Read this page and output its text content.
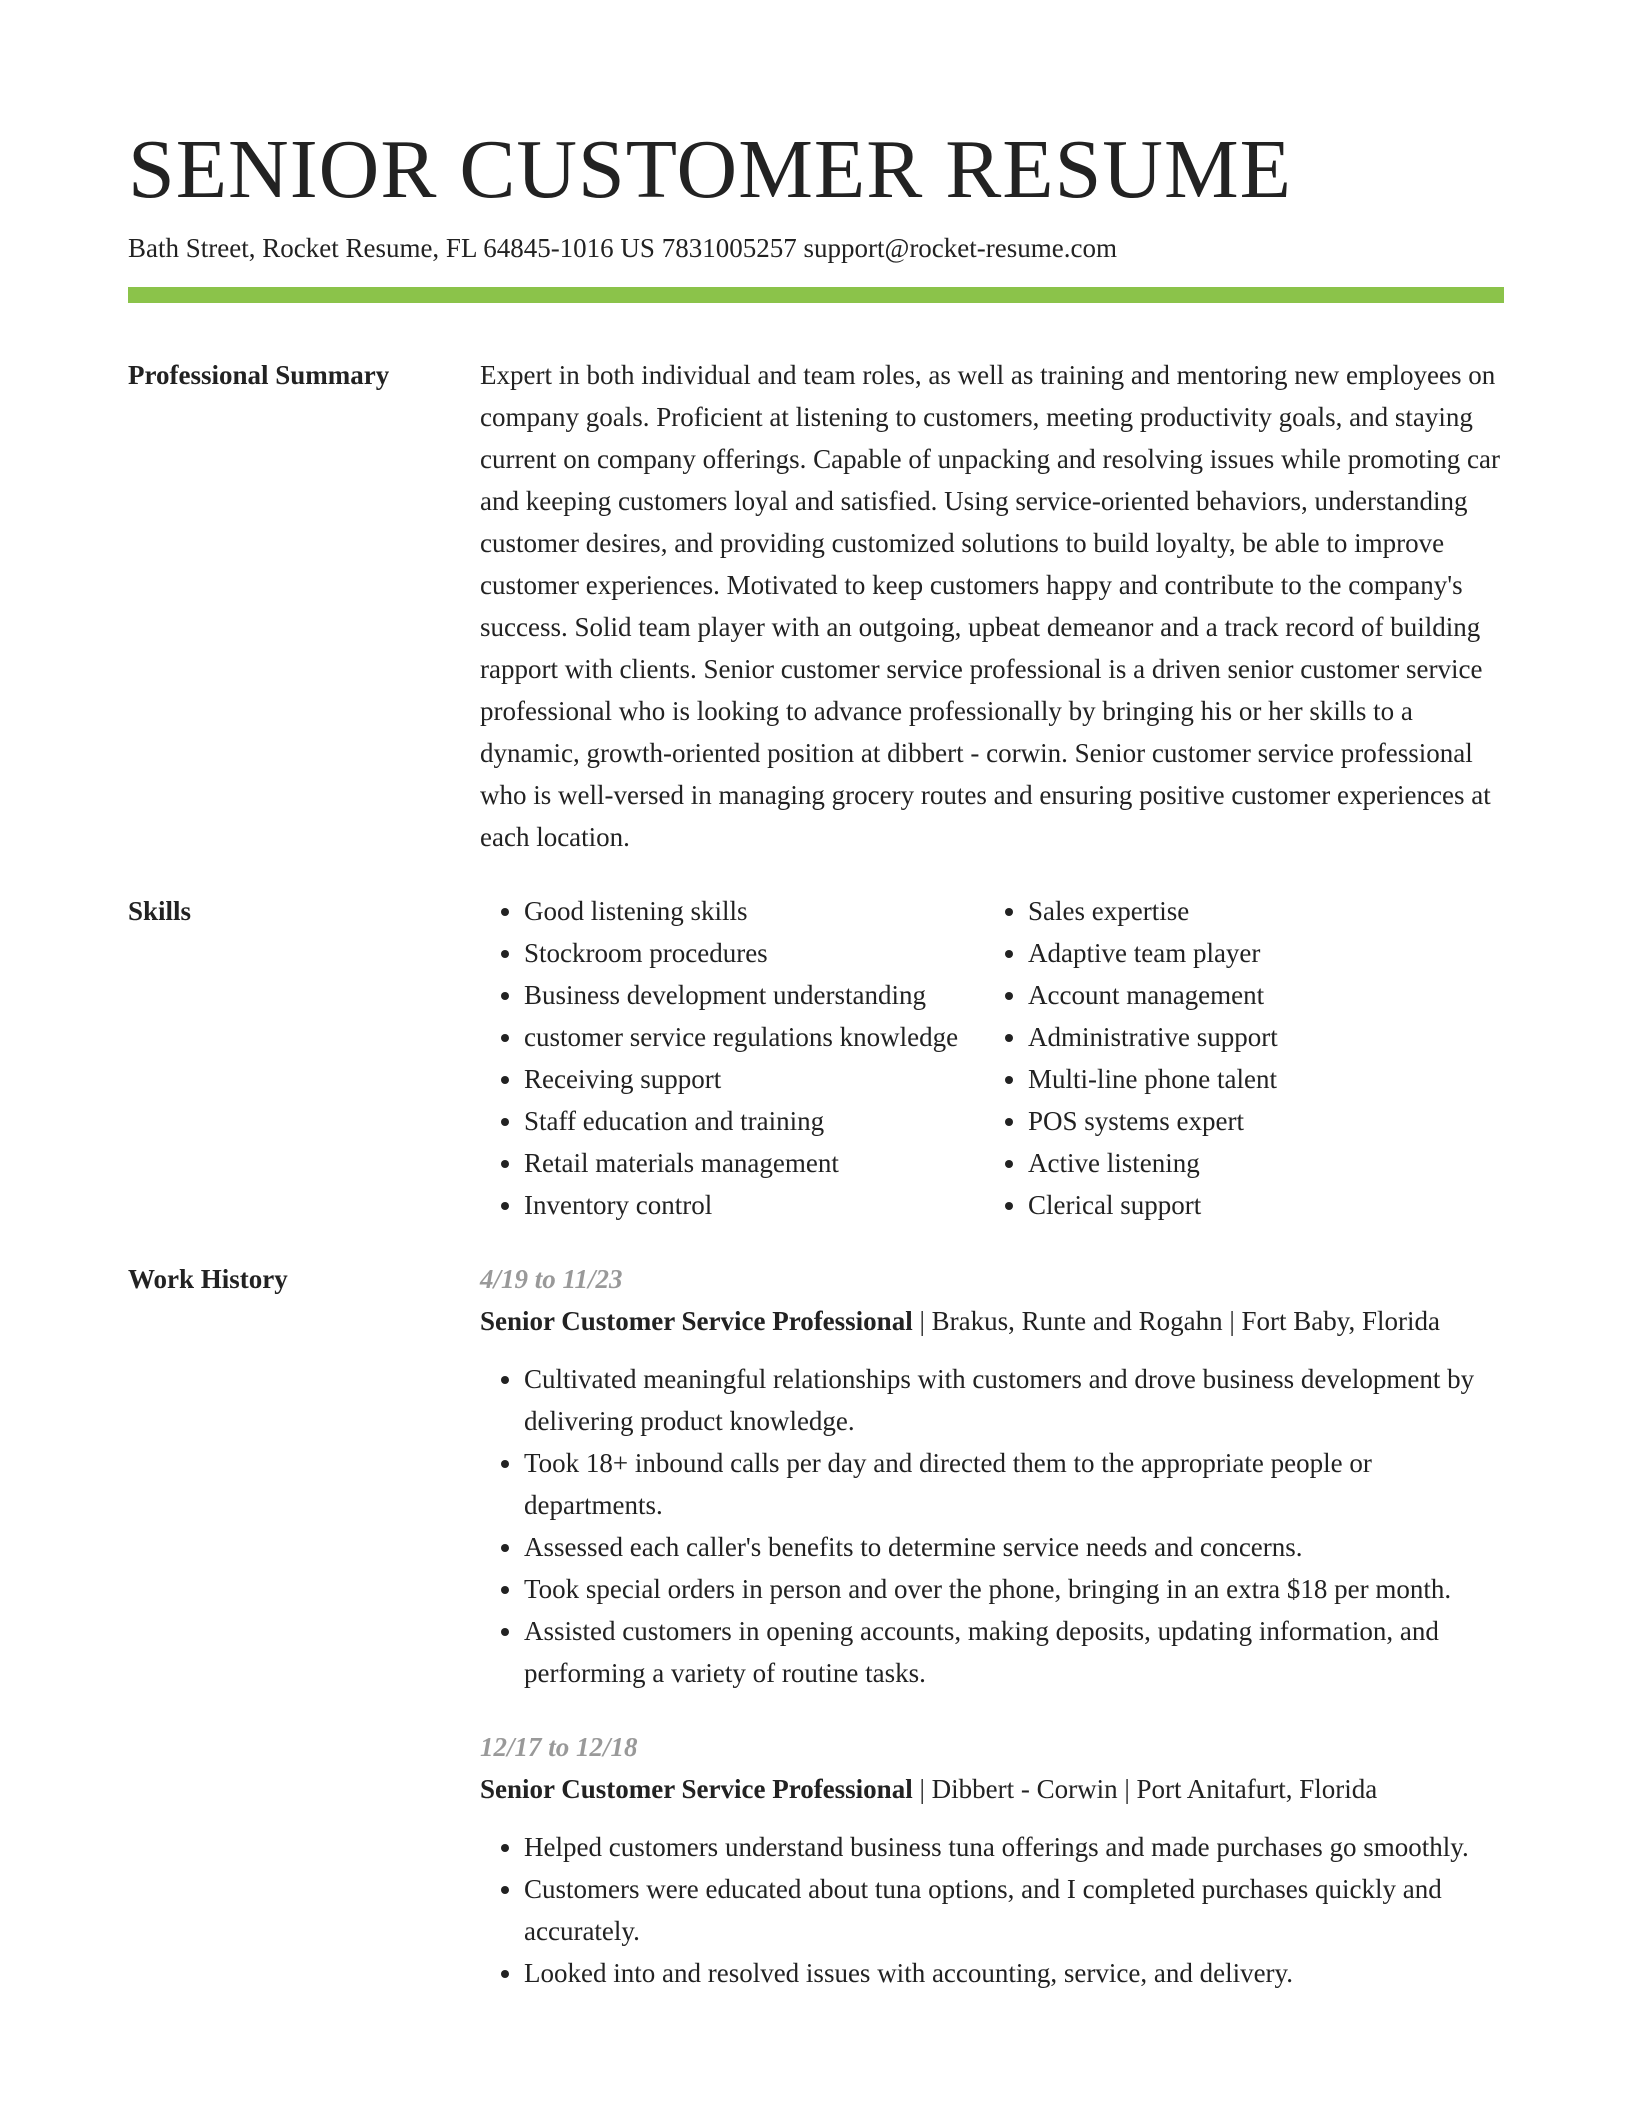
SENIOR CUSTOMER RESUME
Bath Street, Rocket Resume, FL 64845-1016 US 7831005257 support@rocket-resume.com
Professional Summary	Expert in both individual and team roles, as well as training and mentoring new employees on company goals. Proficient at listening to customers, meeting productivity goals, and staying current on company offerings. Capable of unpacking and resolving issues while promoting car and keeping customers loyal and satisfied. Using service-oriented behaviors, understanding customer desires, and providing customized solutions to build loyalty, be able to improve customer experiences. Motivated to keep customers happy and contribute to the company's success. Solid team player with an outgoing, upbeat demeanor and a track record of building rapport with clients. Senior customer service professional is a driven senior customer service professional who is looking to advance professionally by bringing his or her skills to a dynamic, growth-oriented position at dibbert - corwin. Senior customer service professional who is well-versed in managing grocery routes and ensuring positive customer experiences at each location.

Skills
•	Good listening skills
• Stockroom procedures
• Business development understanding
• customer service regulations knowledge
• Receiving support
• Staff education and training
• Retail materials management
• Inventory control
• Sales expertise
• Adaptive team player
• Account management
• Administrative support
• Multi-line phone talent
• POS systems expert
• Active listening
• Clerical support
Work History	4/19 to 11/23
Senior Customer Service Professional | Brakus, Runte and Rogahn | Fort Baby, Florida
• Cultivated meaningful relationships with customers and drove business development by delivering product knowledge.
• Took 18+ inbound calls per day and directed them to the appropriate people or departments.
• Assessed each caller's benefits to determine service needs and concerns.
• Took special orders in person and over the phone, bringing in an extra $18 per month.
• Assisted customers in opening accounts, making deposits, updating information, and performing a variety of routine tasks.
12/17 to 12/18
Senior Customer Service Professional | Dibbert - Corwin | Port Anitafurt, Florida
• Helped customers understand business tuna offerings and made purchases go smoothly.
• Customers were educated about tuna options, and I completed purchases quickly and accurately.
• Looked into and resolved issues with accounting, service, and delivery.
